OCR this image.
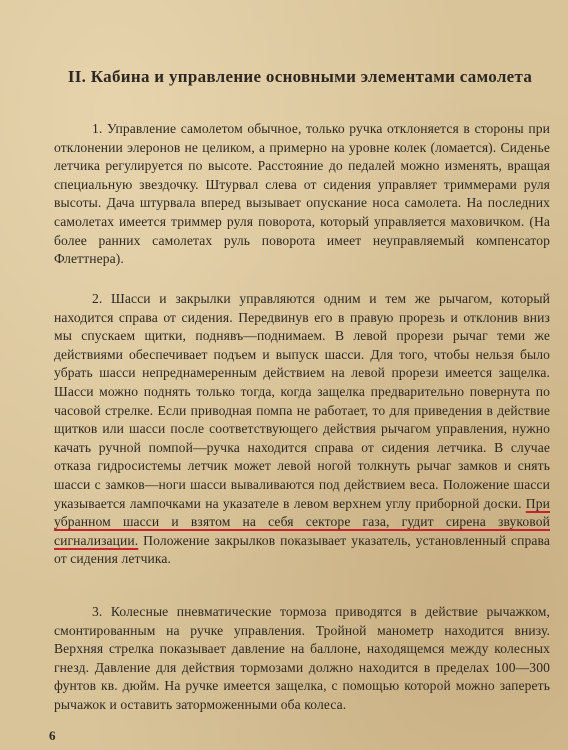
II. Кабина и управление основными элементами самолета

1. Управление самолетом обычное, только ручка отклоняется в стороны при отклонении элеронов не целиком, а примерно на уровне колек (ломается). Сиденье летчика регулируется по высоте. Расстояние до педалей можно изменять, вращая специальную звездочку. Штурвал слева от сидения управляет триммерами руля высоты. Дача штурвала вперед вызывает опускание носа самолета. На последних самолетах имеется триммер руля поворота, который управляется маховичком. (На более ранних самолетах руль поворота имеет неуправляемый компенсатор Флеттнера).

2. Шасси и закрылки управляются одним и тем же рычагом, который находится справа от сидения. Передвинув его в правую прорезь и отклонив вниз мы спускаем щитки, поднявъ—поднимаем. В левой прорези рычаг теми же действиями обеспечивает подъем и выпуск шасси. Для того, чтобы нельзя было убрать шасси непреднамеренным действием на левой прорези имеется защелка. Шасси можно поднять только тогда, когда защелка предварительно повернута по часовой стрелке. Если приводная помпа не работает, то для приведения в действие щитков или шасси после соответствующего действия рычагом управления, нужно качать ручной помпой—ручка находится справа от сидения летчика. В случае отказа гидросистемы летчик может левой ногой толкнуть рычаг замков и снять шасси с замков—ноги шасси вываливаются под действием веса. Положение шасси указывается лампочками на указателе в левом верхнем углу приборной доски. При убранном шасси и взятом на себя секторе газа, гудит сирена звуковой сигнализации. Положение закрылков показывает указатель, установленный справа от сидения летчика.

3. Колесные пневматические тормоза приводятся в действие рычажком, смонтированным на ручке управления. Тройной манометр находится внизу. Верхняя стрелка показывает давление на баллоне, находящемся между колесных гнезд. Давление для действия тормозами должно находится в пределах 100—300 фунтов кв. дюйм. На ручке имеется защелка, с помощью которой можно запереть рычажок и оставить заторможенными оба колеса.

6
